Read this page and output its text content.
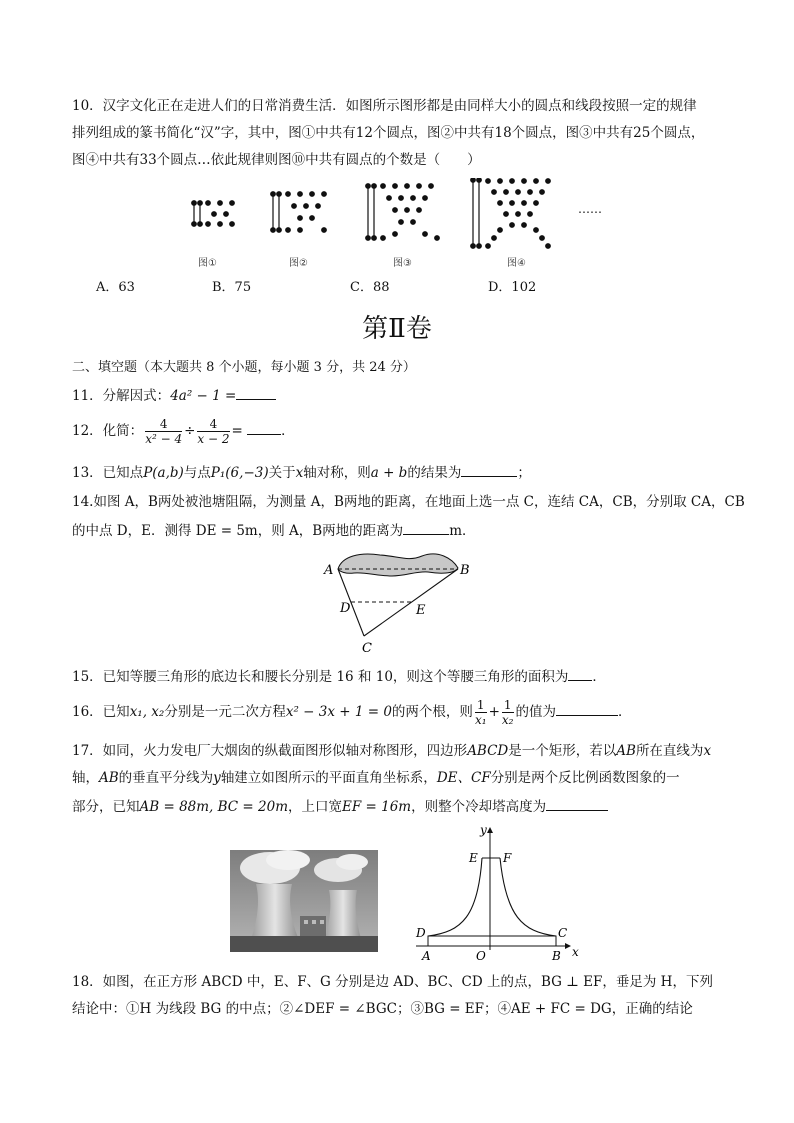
10．汉字文化正在走进人们的日常消费生活．如图所示图形都是由同样大小的圆点和线段按照一定的规律
排列组成的篆书简化“汉”字，其中，图①中共有12个圆点，图②中共有18个圆点，图③中共有25个圆点，
图④中共有33个圆点…依此规律则图⑩中共有圆点的个数是（　　）
……
图①	图②	图③	图④
A．63	B．75	C．88	D．102
第Ⅱ卷
二、填空题（本大题共 8 个小题，每小题 3 分，共 24 分）
11．分解因式：4a² − 1 =
12．化简： $\frac{4}{\text{x² − 4}} \div \frac{4}{x - 2}$ =	．
13．已知点P(a,b)与点P₁(6,−3)关于x轴对称，则a + b的结果为	；
14.如图 A，B两处被池塘阻隔，为测量 A，B两地的距离，在地面上选一点 C，连结 CA，CB，分别取 CA，CB
的中点 D，E．测得 DE = 5m，则 A，B两地的距离为	m．
A	B
D	E
C
15．已知等腰三角形的底边长和腰长分别是 16 和 10，则这个等腰三角形的面积为 ．
16．已知x₁, x₂分别是一元二次方程x² − 3x + 1 = 0的两个根，则 $\frac{1}{\text{x₁}} + \frac{1}{\text{x₂}}$ 的值为	．
17．如同，火力发电厂大烟囱的纵截面图形似轴对称图形，四边形ABCD是一个矩形，若以AB所在直线为x
轴，AB的垂直平分线为y轴建立如图所示的平面直角坐标系，DE、CF分别是两个反比例函数图象的一
部分，已知AB = 88m, BC = 20m，上口宽EF = 16m，则整个冷却塔高度为
y
x
E F
D	C
A	O	B
18．如图，在正方形 ABCD 中，E、F、G 分别是边 AD、BC、CD 上的点，BG ⊥ EF，垂足为 H，下列
结论中：①H 为线段 BG 的中点；②∠DEF = ∠BGC；③BG = EF；④AE + FC = DG，正确的结论
